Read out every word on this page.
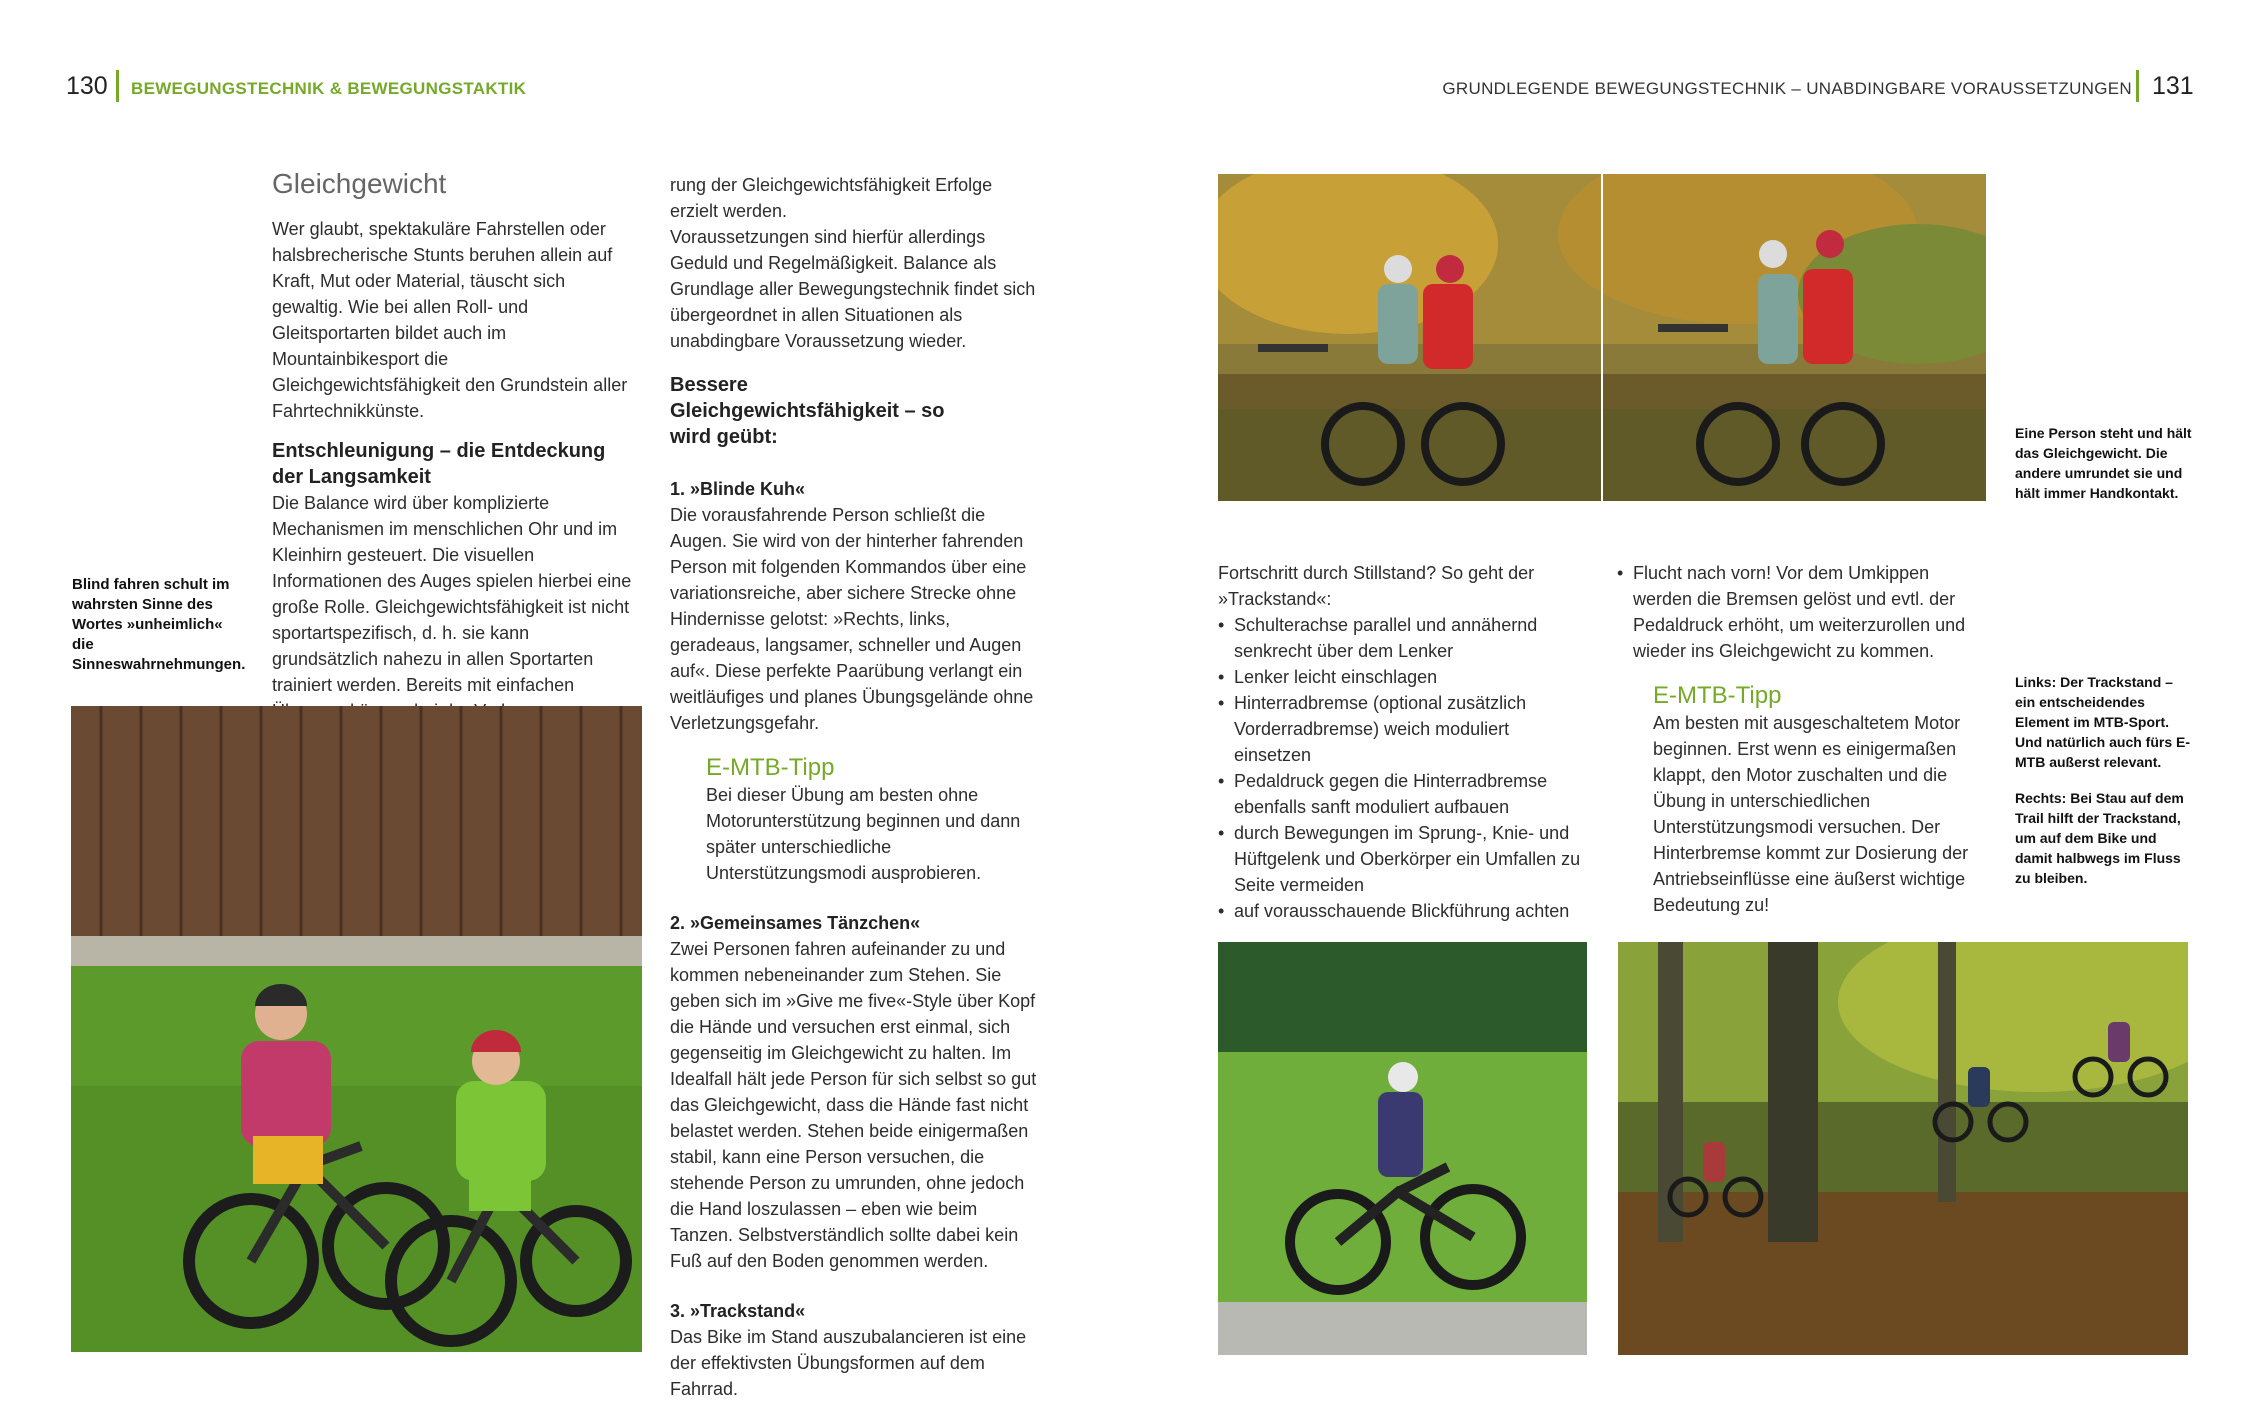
130 BEWEGUNGSTECHNIK & BEWEGUNGSTAKTIK	GRUNDLEGENDE BEWEGUNGSTECHNIK – UNABDINGBARE VORAUSSETZUNGEN 131
Gleichgewicht
Wer glaubt, spektakuläre Fahrstellen oder halsbrecherische Stunts beruhen allein auf Kraft, Mut oder Material, täuscht sich gewaltig. Wie bei allen Roll- und Gleitsportarten bildet auch im Mountainbikesport die Gleichgewichtsfähigkeit den Grundstein aller Fahrtechnikkünste.
Entschleunigung – die Entdeckung der Langsamkeit
Die Balance wird über komplizierte Mechanismen im menschlichen Ohr und im Kleinhirn gesteuert. Die visuellen Informationen des Auges spielen hierbei eine große Rolle. Gleichgewichtsfähigkeit ist nicht sportartspezifisch, d. h. sie kann grundsätzlich nahezu in allen Sportarten trainiert werden. Bereits mit einfachen
Blind fahren schult im wahrsten Sinne des Wortes »unheimlich« die Sinneswahrnehmungen.
rung der Gleichgewichtsfähigkeit Erfolge erzielt werden.
Voraussetzungen sind hierfür allerdings Geduld und Regelmäßigkeit. Balance als Grundlage aller Bewegungstechnik findet sich übergeordnet in allen Situationen als unabdingbare Voraussetzung wieder.
Bessere Gleichgewichtsfähigkeit – so wird geübt:
1. »Blinde Kuh«
Die vorausfahrende Person schließt die Augen. Sie wird von der hinterher fahrenden Person mit folgenden Kommandos über eine variationsreiche, aber sichere Strecke ohne Hindernisse gelotst: »Rechts, links, geradeaus, langsamer, schneller und Augen auf«. Diese perfekte Paarübung verlangt ein weitläufiges und planes Übungsgelände ohne Verletzungsgefahr.
E-MTB-Tipp
Bei dieser Übung am besten ohne Motorunterstützung beginnen und dann später unterschiedliche Unterstützungsmodi ausprobieren.
2. »Gemeinsames Tänzchen«
Zwei Personen fahren aufeinander zu und kommen nebeneinander zum Stehen. Sie geben sich im »Give me five«-Style über Kopf die Hände und versuchen erst einmal, sich gegenseitig im Gleichgewicht zu halten. Im Idealfall hält jede Person für sich selbst so gut das Gleichgewicht, dass die Hände fast nicht belastet werden. Stehen beide einigermaßen stabil, kann eine Person versuchen, die stehende Person zu umrunden, ohne jedoch die Hand loszulassen – eben wie beim Tanzen. Selbstverständlich sollte dabei kein Fuß auf den Boden genommen werden.
3. »Trackstand«
Das Bike im Stand auszubalancieren ist eine der effektivsten Übungsformen auf dem Fahrrad.
Eine Person steht und hält das Gleichgewicht. Die andere umrundet sie und hält immer Handkontakt.
Fortschritt durch Stillstand? So geht der »Trackstand«:
• Schulterachse parallel und annähernd senkrecht über dem Lenker
• Lenker leicht einschlagen
• Hinterradbremse (optional zusätzlich Vorderradbremse) weich moduliert einsetzen
• Pedaldruck gegen die Hinterradbremse ebenfalls sanft moduliert aufbauen
• durch Bewegungen im Sprung-, Knie- und Hüftgelenk und Oberkörper ein Umfallen zu Seite vermeiden
• auf vorausschauende Blickführung achten
• Flucht nach vorn! Vor dem Umkippen werden die Bremsen gelöst und evtl. der Pedaldruck erhöht, um weiterzurollen und wieder ins Gleichgewicht zu kommen.
E-MTB-Tipp
Am besten mit ausgeschaltetem Motor beginnen. Erst wenn es einigermaßen klappt, den Motor zuschalten und die Übung in unterschiedlichen Unterstützungsmodi versuchen. Der Hinterbremse kommt zur Dosierung der Antriebseinflüsse eine äußerst wichtige Bedeutung zu!
Links: Der Trackstand – ein entscheidendes Element im MTB-Sport. Und natürlich auch fürs E-MTB außerst relevant.
Rechts: Bei Stau auf dem Trail hilft der Trackstand, um auf dem Bike und damit halbwegs im Fluss zu bleiben.
